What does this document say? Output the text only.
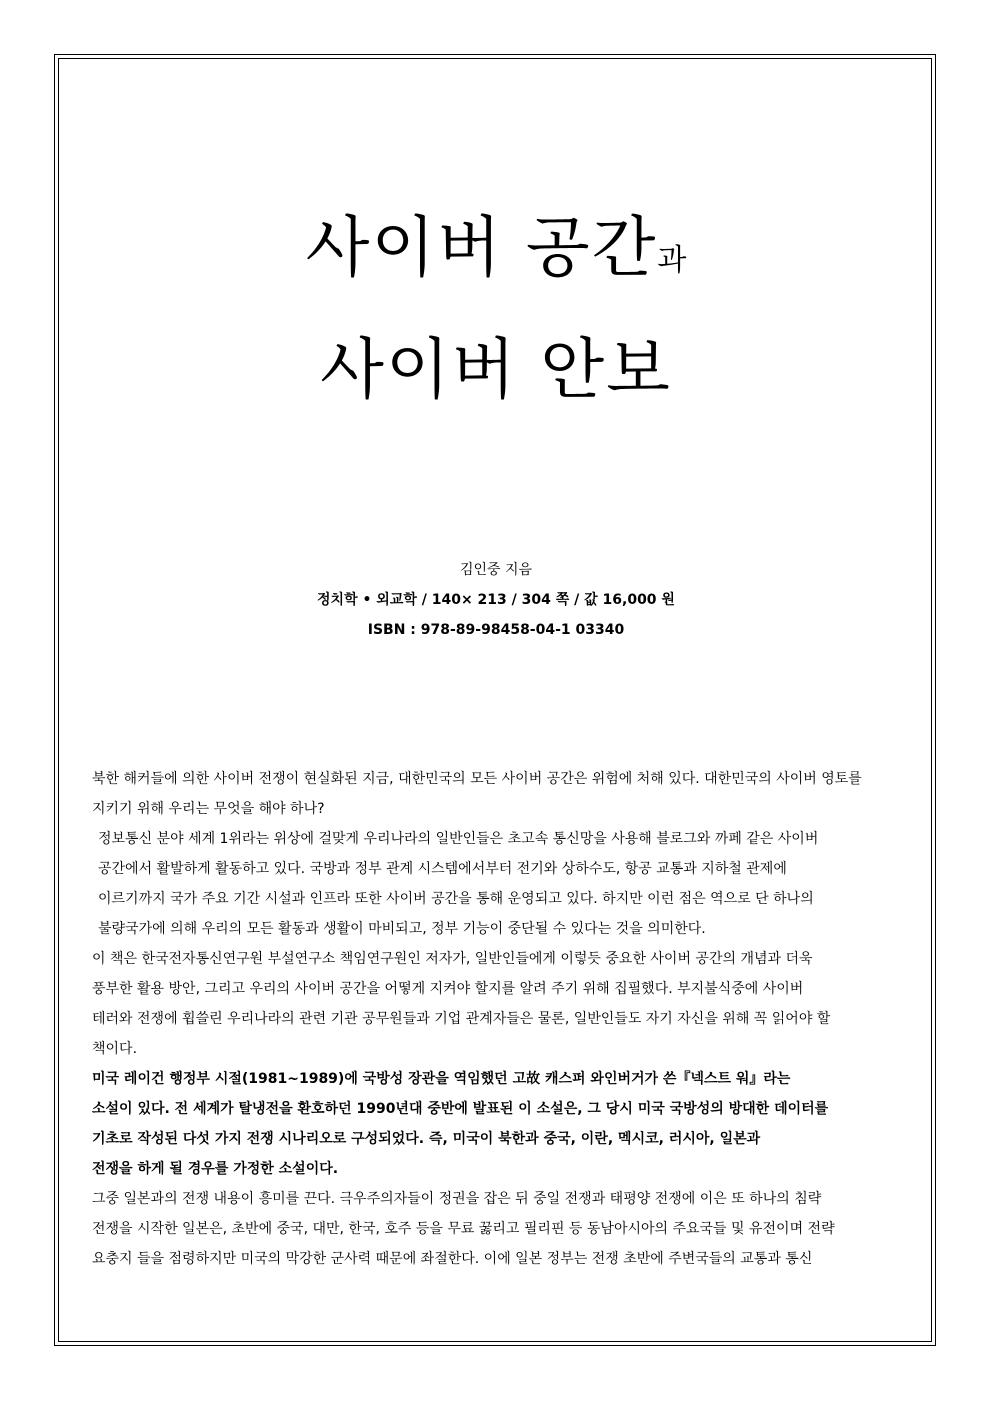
사이버 공간과
사이버 안보
김인중 지음
정치학 • 외교학 / 140× 213 / 304 쪽 / 값 16,000 원
ISBN : 978-89-98458-04-1 03340
북한 해커들에 의한 사이버 전쟁이 현실화된 지금, 대한민국의 모든 사이버 공간은 위험에 처해 있다. 대한민국의 사이버 영토를
지키기 위해 우리는 무엇을 해야 하나?
정보통신 분야 세계 1위라는 위상에 걸맞게 우리나라의 일반인들은 초고속 통신망을 사용해 블로그와 까페 같은 사이버
공간에서 활발하게 활동하고 있다. 국방과 정부 관계 시스템에서부터 전기와 상하수도, 항공 교통과 지하철 관제에
이르기까지 국가 주요 기간 시설과 인프라 또한 사이버 공간을 통해 운영되고 있다. 하지만 이런 점은 역으로 단 하나의
불량국가에 의해 우리의 모든 활동과 생활이 마비되고, 정부 기능이 중단될 수 있다는 것을 의미한다.
이 책은 한국전자통신연구원 부설연구소 책임연구원인 저자가, 일반인들에게 이렇듯 중요한 사이버 공간의 개념과 더욱
풍부한 활용 방안, 그리고 우리의 사이버 공간을 어떻게 지켜야 할지를 알려 주기 위해 집필했다. 부지불식중에 사이버
테러와 전쟁에 휩쓸린 우리나라의 관련 기관 공무원들과 기업 관계자들은 물론, 일반인들도 자기 자신을 위해 꼭 읽어야 할
책이다.
미국 레이건 행정부 시절(1981~1989)에 국방성 장관을 역임했던 고故 캐스퍼 와인버거가 쓴『넥스트 워』라는
소설이 있다. 전 세계가 탈냉전을 환호하던 1990년대 중반에 발표된 이 소설은, 그 당시 미국 국방성의 방대한 데이터를
기초로 작성된 다섯 가지 전쟁 시나리오로 구성되었다. 즉, 미국이 북한과 중국, 이란, 멕시코, 러시아, 일본과
전쟁을 하게 될 경우를 가정한 소설이다.
그중 일본과의 전쟁 내용이 흥미를 끈다. 극우주의자들이 정권을 잡은 뒤 중일 전쟁과 태평양 전쟁에 이은 또 하나의 침략
전쟁을 시작한 일본은, 초반에 중국, 대만, 한국, 호주 등을 무료 꿇리고 필리핀 등 동남아시아의 주요국들 및 유전이며 전략
요충지 들을 점령하지만 미국의 막강한 군사력 때문에 좌절한다. 이에 일본 정부는 전쟁 초반에 주변국들의 교통과 통신
